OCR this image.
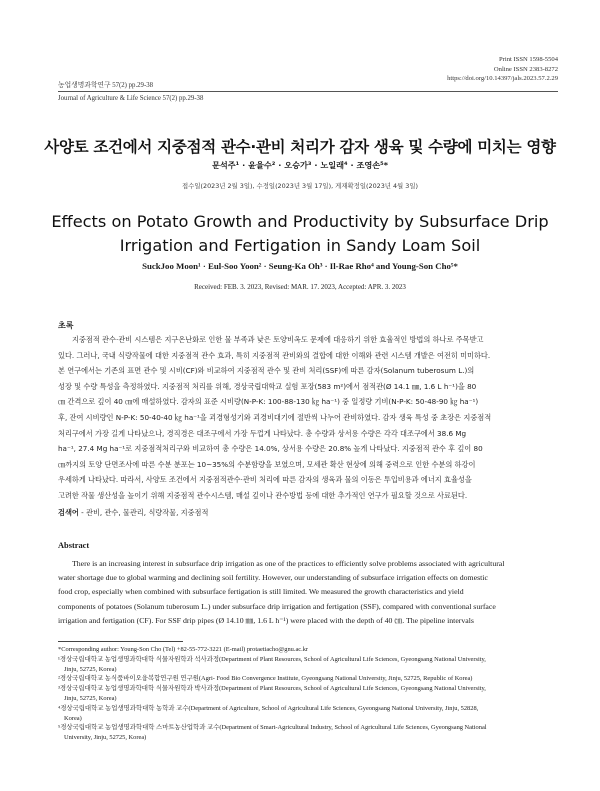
Print ISSN 1598-5504
Online ISSN 2383-8272
https://doi.org/10.14397/jals.2023.57.2.29
농업생명과학연구 57(2) pp.29-38
Journal of Agriculture & Life Science 57(2) pp.29-38
사양토 조건에서 지중점적 관수·관비 처리가 감자 생육 및 수량에 미치는 영향
문석주¹ · 윤율수² · 오승가³ · 노일래⁴ · 조영손⁵*
접수일(2023년 2월 3일), 수정일(2023년 3월 17일), 게재확정일(2023년 4월 3일)
Effects on Potato Growth and Productivity by Subsurface Drip
Irrigation and Fertigation in Sandy Loam Soil
SuckJoo Moon¹ · Eul-Soo Yoon² · Seung-Ka Oh³ · Il-Rae Rho⁴ and Young-Son Cho⁵*
Received: FEB. 3. 2023, Revised: MAR. 17. 2023, Accepted: APR. 3. 2023
초록
지중점적 관수·관비 시스템은 지구온난화로 인한 물 부족과 낮은 토양비옥도 문제에 대응하기 위한 효율적인 방법의 하나로 주목받고
있다. 그러나, 국내 식량작물에 대한 지중점적 관수 효과, 특히 지중점적 관비와의 결합에 대한 이해와 관련 시스템 개발은 여전히 미미하다.
본 연구에서는 기존의 표면 관수 및 시비(CF)와 비교하여 지중점적 관수 및 관비 처리(SSF)에 따른 감자(Solanum tuberosum L.)의
성장 및 수량 특성을 측정하였다. 지중점적 처리를 위해, 경상국립대학교 실험 포장(583 m²)에서 점적관(Ø 14.1 ㎜, 1.6 L h⁻¹)을 80
㎝ 간격으로 깊이 40 ㎝에 매설하였다. 감자의 표준 시비량(N-P-K: 100-88-130 ㎏ ha⁻¹) 중 일정량 기비(N-P-K: 50-48-90 ㎏ ha⁻¹)
후, 잔여 시비량인 N-P-K: 50-40-40 ㎏ ha⁻¹을 괴경형성기와 괴경비대기에 절반씩 나누어 관비하였다. 감자 생육 특성 중 초장은 지중점적
처리구에서 가장 길게 나타났으나, 경직경은 대조구에서 가장 두껍게 나타났다. 총 수량과 상서용 수량은 각각 대조구에서 38.6 Mg
ha⁻¹, 27.4 Mg ha⁻¹로 지중점적처리구와 비교하여 총 수량은 14.0%, 상서용 수량은 20.8% 높게 나타났다. 지중점적 관수 후 깊이 80
㎝까지의 토양 단면조사에 따른 수분 분포는 10~35%의 수분함량을 보였으며, 모세관 확산 현상에 의해 중력으로 인한 수분의 하강이
우세하게 나타났다. 따라서, 사양토 조건에서 지중점적관수·관비 처리에 따른 감자의 생육과 물의 이동은 투입비용과 에너지 효율성을
고려한 작물 생산성을 높이기 위해 지중점적 관수시스템, 매설 깊이나 관수방법 등에 대한 추가적인 연구가 필요할 것으로 사료된다.
검색어 - 관비, 관수, 물관리, 식량작물, 지중점적
Abstract
There is an increasing interest in subsurface drip irrigation as one of the practices to efficiently solve problems associated with agricultural
water shortage due to global warming and declining soil fertility. However, our understanding of subsurface irrigation effects on domestic
food crop, especially when combined with subsurface fertigation is still limited. We measured the growth characteristics and yield
components of potatoes (Solanum tuberosum L.) under subsurface drip irrigation and fertigation (SSF), compared with conventional surface
irrigation and fertigation (CF). For SSF drip pipes (Ø 14.10 ㎜, 1.6 L h⁻¹) were placed with the depth of 40 ㎝. The pipeline intervals
*Corresponding author: Young-Son Cho (Tel) +82-55-772-3221 (E-mail) protaetiacho@gnu.ac.kr
¹경상국립대학교 농업생명과학대학 식물자원학과 석사과정(Department of Plant Resources, School of Agricultural Life Sciences, Gyeongsang National University,
Jinju, 52725, Korea)
²경상국립대학교 농식품바이오융복합연구원 연구원(Agri- Food Bio Convergence Institute, Gyeongsang National University, Jinju, 52725, Republic of Korea)
³경상국립대학교 농업생명과학대학 식물자원학과 박사과정(Department of Plant Resources, School of Agricultural Life Sciences, Gyeongsang National University,
Jinju, 52725, Korea)
⁴경상국립대학교 농업생명과학대학 농학과 교수(Department of Agriculture, School of Agricultural Life Sciences, Gyeongsang National University, Jinju, 52828,
Korea)
⁵경상국립대학교 농업생명과학대학 스마트농산업학과 교수(Department of Smart-Agricultural Industry, School of Agricultural Life Sciences, Gyeongsang National
University, Jinju, 52725, Korea)
